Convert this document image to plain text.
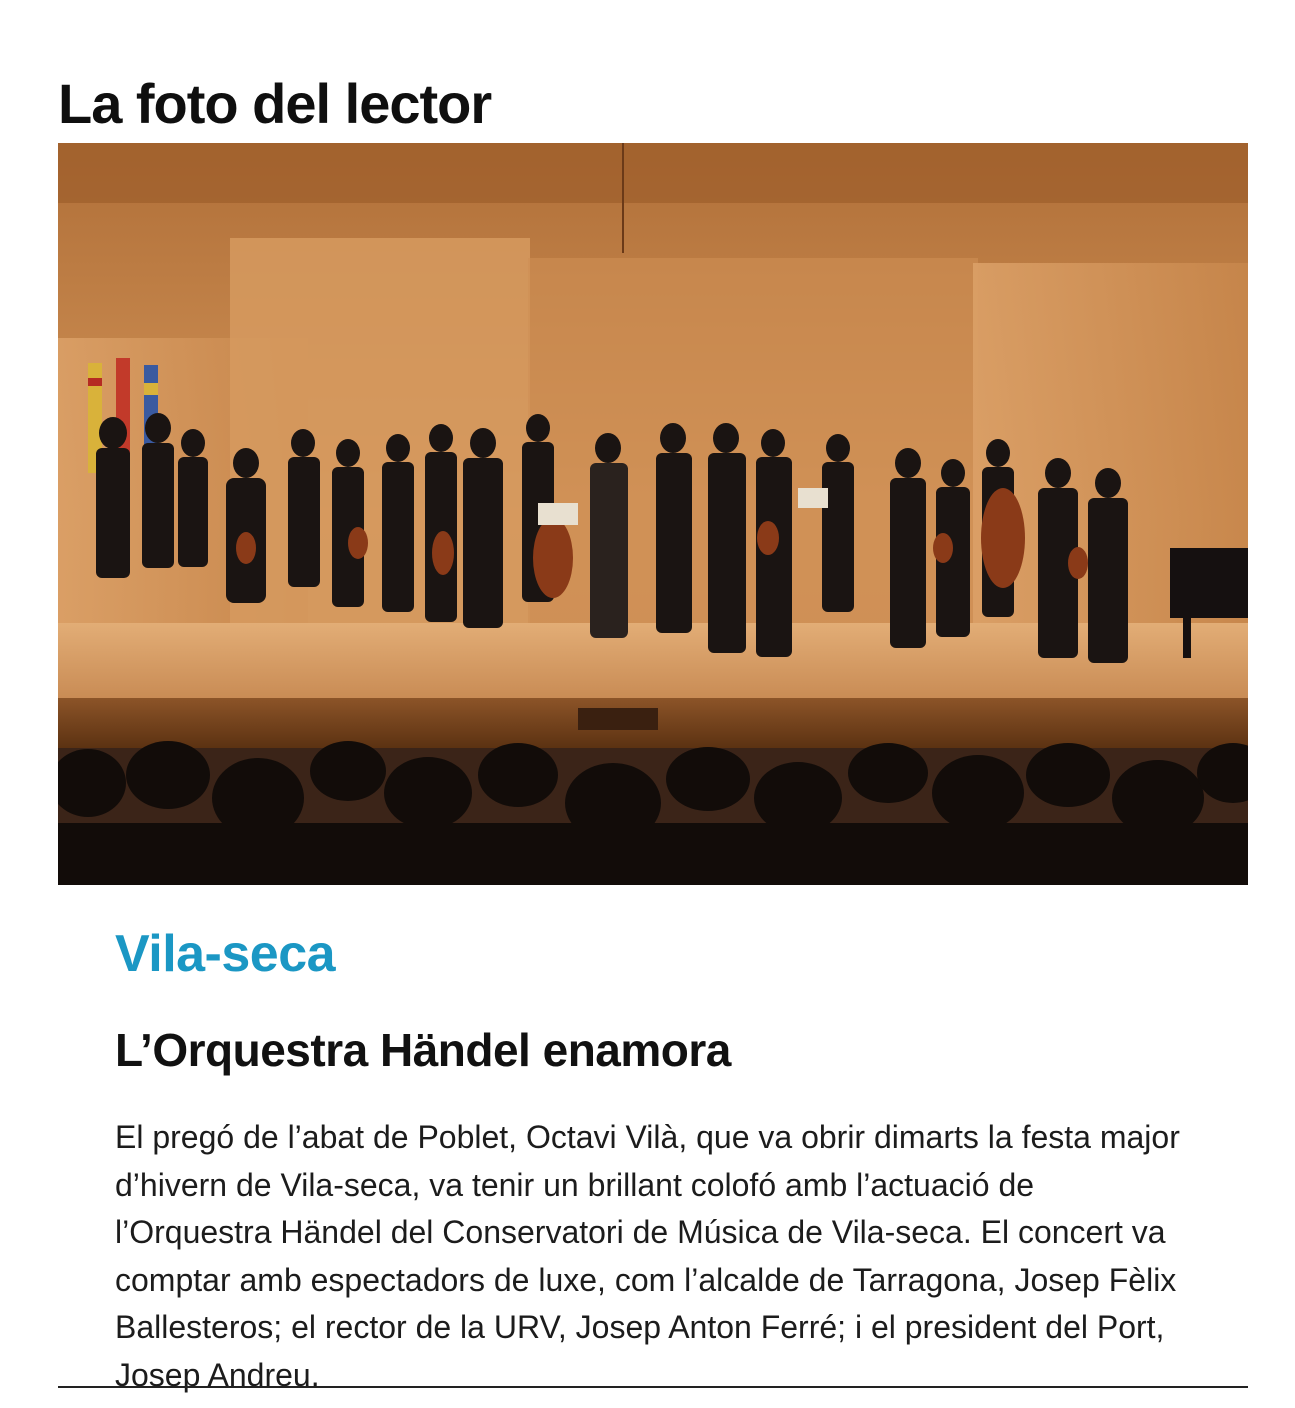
La foto del lector
Vila-seca
L’Orquestra Händel enamora

El pregó de l’abat de Poblet, Octavi Vilà, que va obrir dimarts la festa major d’hivern de Vila-seca, va tenir un brillant colofó amb l’actuació de l’Orquestra Händel del Conservatori de Música de Vila-seca. El concert va comptar amb espectadors de luxe, com l’alcalde de Tarragona, Josep Fèlix Ballesteros; el rector de la URV, Josep Anton Ferré; i el president del Port, Josep Andreu.
